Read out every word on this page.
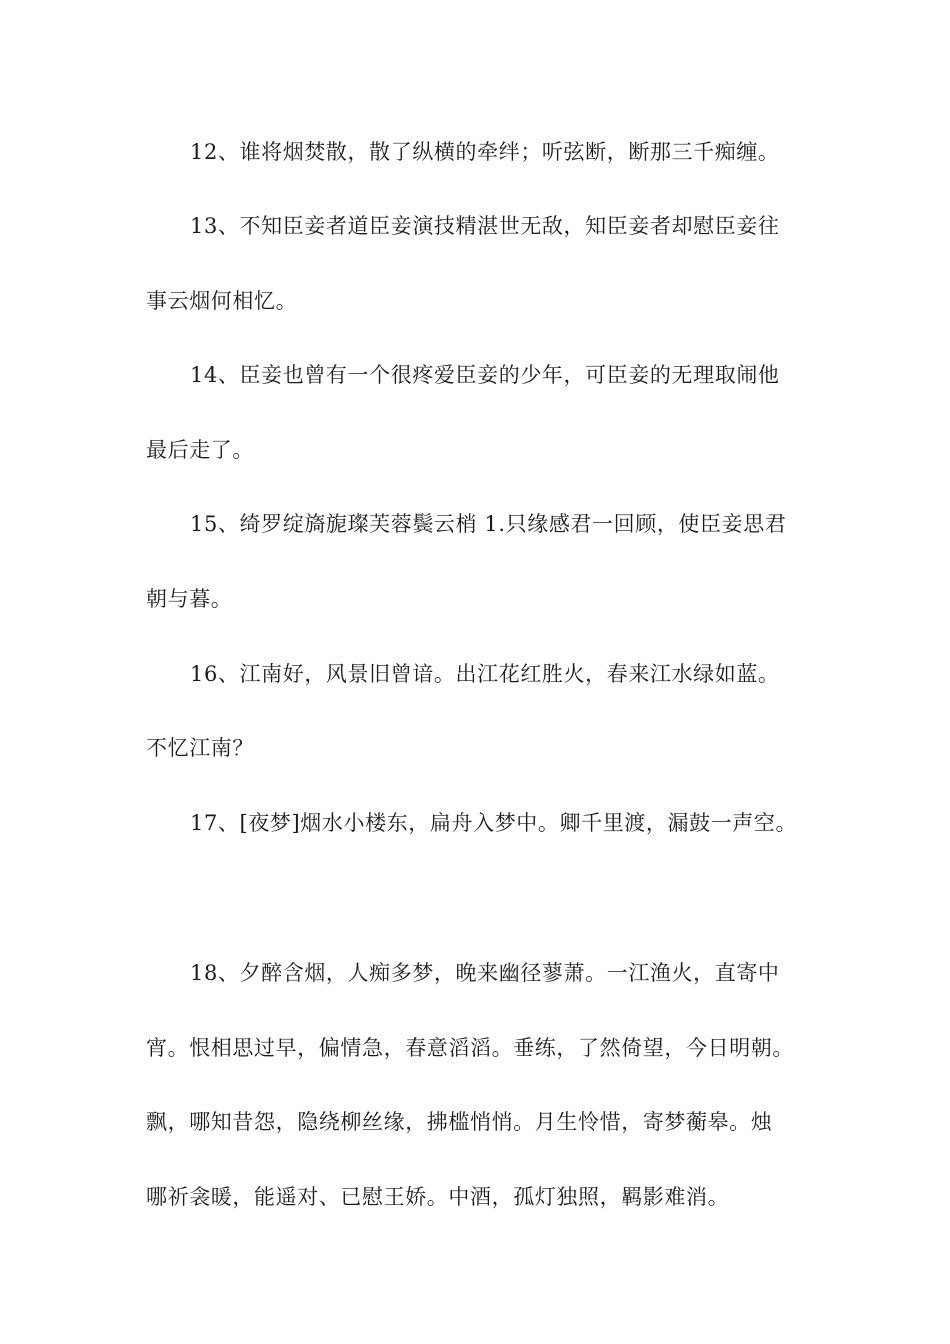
12、谁将烟焚散，散了纵横的牵绊；听弦断，断那三千痴缠。
13、不知臣妾者道臣妾演技精湛世无敌，知臣妾者却慰臣妾往
事云烟何相忆。
14、臣妾也曾有一个很疼爱臣妾的少年，可臣妾的无理取闹他
最后走了。
15、绮罗绽旖旎璨芙蓉鬓云梢 1.只缘感君一回顾，使臣妾思君
朝与暮。
16、江南好，风景旧曾谙。出江花红胜火，春来江水绿如蓝。
不忆江南？
17、[夜梦]烟水小楼东，扁舟入梦中。卿千里渡，漏鼓一声空。
18、夕醉含烟，人痴多梦，晚来幽径蓼萧。一江渔火，直寄中
宵。恨相思过早，偏情急，春意滔滔。垂练，了然倚望，今日明朝。
飘，哪知昔怨，隐绕柳丝缘，拂槛悄悄。月生怜惜，寄梦蘅皋。烛
哪祈衾暖，能遥对、已慰王娇。中酒，孤灯独照，羁影难消。
